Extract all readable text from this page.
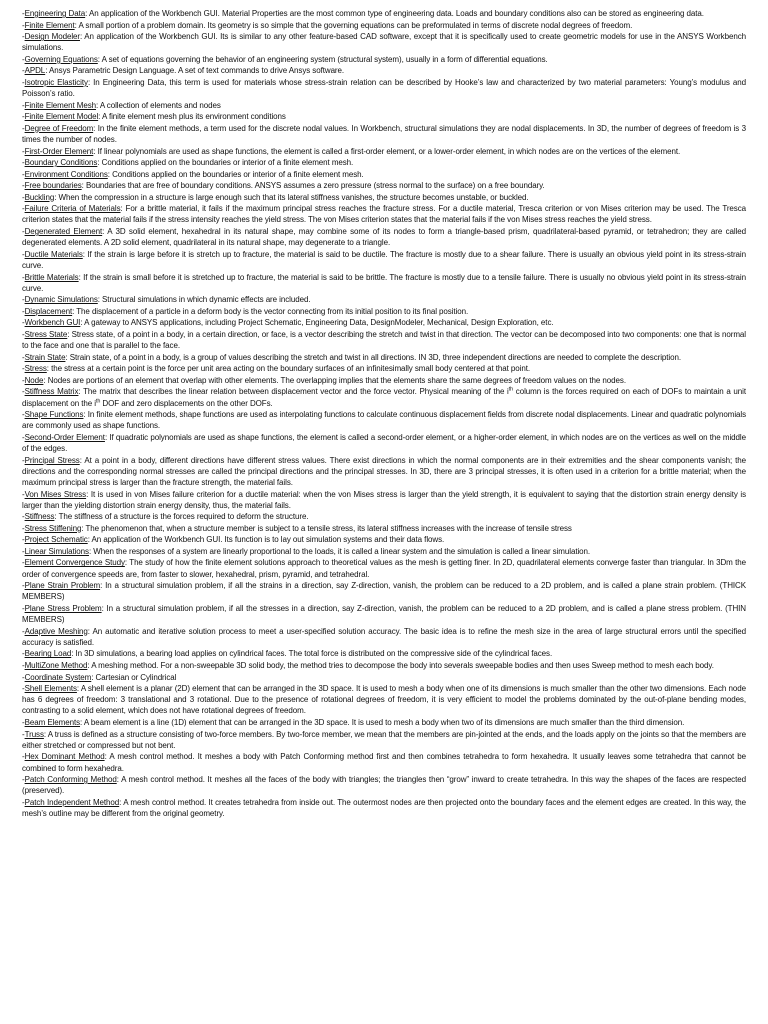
-Engineering Data: An application of the Workbench GUI. Material Properties are the most common type of engineering data. Loads and boundary conditions also can be stored as engineering data.

-Finite Element: A small portion of a problem domain. Its geometry is so simple that the governing equations can be preformulated in terms of discrete nodal degrees of freedom.

-Design Modeler: An application of the Workbench GUI. Its is similar to any other feature-based CAD software, except that it is specifically used to create geometric models for use in the ANSYS Workbench simulations.

-Governing Equations: A set of equations governing the behavior of an engineering system (structural system), usually in a form of differential equations.

-APDL: Ansys Parametric Design Language. A set of text commands to drive Ansys software.

-Isotropic Elasticity: In Engineering Data, this term is used for materials whose stress-strain relation can be described by Hooke’s law and characterized by two material parameters: Young’s modulus and Poisson’s ratio.

-Finite Element Mesh: A collection of elements and nodes

-Finite Element Model: A finite element mesh plus its environment conditions

-Degree of Freedom: In the finite element methods, a term used for the discrete nodal values. In Workbench, structural simulations they are nodal displacements. In 3D, the number of degrees of freedom is 3 times the number of nodes.

-First-Order Element: If linear polynomials are used as shape functions, the element is called a first-order element, or a lower-order element, in which nodes are on the vertices of the element.

-Boundary Conditions: Conditions applied on the boundaries or interior of a finite element mesh.

-Environment Conditions: Conditions applied on the boundaries or interior of a finite element mesh.

-Free boundaries: Boundaries that are free of boundary conditions. ANSYS assumes a zero pressure (stress normal to the surface) on a free boundary.

-Buckling: When the compression in a structure is large enough such that its lateral stiffness vanishes, the structure becomes unstable, or buckled.

-Failure Criteria of Materials: For a brittle material, it fails if the maximum principal stress reaches the fracture stress. For a ductile material, Tresca criterion or von Mises criterion may be used. The Tresca criterion states that the material fails if the stress intensity reaches the yield stress. The von Mises criterion states that the material fails if the von Mises stress reaches the yield stress.

-Degenerated Element: A 3D solid element, hexahedral in its natural shape, may combine some of its nodes to form a triangle-based prism, quadrilateral-based pyramid, or tetrahedron; they are called degenerated elements. A 2D solid element, quadrilateral in its natural shape, may degenerate to a triangle.

-Ductile Materials: If the strain is large before it is stretch up to fracture, the material is said to be ductile. The fracture is mostly due to a shear failure. There is usually an obvious yield point in its stress-strain curve.

-Brittle Materials: If the strain is small before it is stretched up to fracture, the material is said to be brittle. The fracture is mostly due to a tensile failure. There is usually no obvious yield point in its stress-strain curve.

-Dynamic Simulations: Structural simulations in which dynamic effects are included.

-Displacement: The displacement of a particle in a deform body is the vector connecting from its initial position to its final position.

-Workbench GUI: A gateway to ANSYS applications, including Project Schematic, Engineering Data, DesignModeler, Mechanical, Design Exploration, etc.

-Stress State: Stress state, of a point in a body, in a certain direction, or face, is a vector describing the stretch and twist in that direction. The vector can be decomposed into two components: one that is normal to the face and one that is parallel to the face.

-Strain State: Strain state, of a point in a body, is a group of values describing the stretch and twist in all directions. IN 3D, three independent directions are needed to complete the description.

-Stress: the stress at a certain point is the force per unit area acting on the boundary surfaces of an infinitesimally small body centered at that point.

-Node: Nodes are portions of an element that overlap with other elements. The overlapping implies that the elements share the same degrees of freedom values on the nodes.

-Stiffness Matrix: The matrix that describes the linear relation between displacement vector and the force vector. Physical meaning of the $i^{th}$ column is the forces required on each of DOFs to maintain a unit displacement on the $i^{th}$ DOF and zero displacements on the other DOFs.

-Shape Functions: In finite element methods, shape functions are used as interpolating functions to calculate continuous displacement fields from discrete nodal displacements. Linear and quadratic polynomials are commonly used as shape functions.

-Second-Order Element: If quadratic polynomials are used as shape functions, the element is called a second-order element, or a higher-order element, in which nodes are on the vertices as well on the middle of the edges.

-Principal Stress: At a point in a body, different directions have different stress values. There exist directions in which the normal components are in their extremities and the shear components vanish; the directions and the corresponding normal stresses are called the principal directions and the principal stresses. In 3D, there are 3 principal stresses, it is often used in a criterion for a brittle material; when the maximum principal stress is larger than the fracture strength, the material fails.

-Von Mises Stress: It is used in von Mises failure criterion for a ductile material: when the von Mises stress is larger than the yield strength, it is equivalent to saying that the distortion strain energy density is larger than the yielding distortion strain energy density, thus, the material fails.

-Stiffness: The stiffness of a structure is the forces required to deform the structure.

-Stress Stiffening: The phenomenon that, when a structure member is subject to a tensile stress, its lateral stiffness increases with the increase of tensile stress

-Project Schematic: An application of the Workbench GUI. Its function is to lay out simulation systems and their data flows.

-Linear Simulations: When the responses of a system are linearly proportional to the loads, it is called a linear system and the simulation is called a linear simulation.

-Element Convergence Study: The study of how the finite element solutions approach to theoretical values as the mesh is getting finer. In 2D, quadrilateral elements converge faster than triangular. In 3Dm the order of convergence speeds are, from faster to slower, hexahedral, prism, pyramid, and tetrahedral.

-Plane Strain Problem: In a structural simulation problem, if all the strains in a direction, say Z-direction, vanish, the problem can be reduced to a 2D problem, and is called a plane strain problem. (THICK MEMBERS)

-Plane Stress Problem: In a structural simulation problem, if all the stresses in a direction, say Z-direction, vanish, the problem can be reduced to a 2D problem, and is called a plane stress problem. (THIN MEMBERS)

-Adaptive Meshing: An automatic and iterative solution process to meet a user-specified solution accuracy. The basic idea is to refine the mesh size in the area of large structural errors until the specified accuracy is satisfied.

-Bearing Load: In 3D simulations, a bearing load applies on cylindrical faces. The total force is distributed on the compressive side of the cylindrical faces.

-MultiZone Method: A meshing method. For a non-sweepable 3D solid body, the method tries to decompose the body into severals sweepable bodies and then uses Sweep method to mesh each body.

-Coordinate System: Cartesian or Cylindrical

-Shell Elements: A shell element is a planar (2D) element that can be arranged in the 3D space. It is used to mesh a body when one of its dimensions is much smaller than the other two dimensions. Each node has 6 degrees of freedom: 3 translational and 3 rotational. Due to the presence of rotational degrees of freedom, it is very efficient to model the problems dominated by the out-of-plane bending modes, contrasting to a solid element, which does not have rotational degrees of freedom.

-Beam Elements: A beam element is a line (1D) element that can be arranged in the 3D space. It is used to mesh a body when two of its dimensions are much smaller than the third dimension.

-Truss: A truss is defined as a structure consisting of two-force members. By two-force member, we mean that the members are pin-jointed at the ends, and the loads apply on the joints so that the members are either stretched or compressed but not bent.

-Hex Dominant Method: A mesh control method. It meshes a body with Patch Conforming method first and then combines tetrahedra to form hexahedra. It usually leaves some tetrahedra that cannot be combined to form hexahedra.

-Patch Conforming Method: A mesh control method. It meshes all the faces of the body with triangles; the triangles then “grow” inward to create tetrahedra. In this way the shapes of the faces are respected (preserved).

-Patch Independent Method: A mesh control method. It creates tetrahedra from inside out. The outermost nodes are then projected onto the boundary faces and the element edges are created. In this way, the mesh’s outline may be different from the original geometry.
